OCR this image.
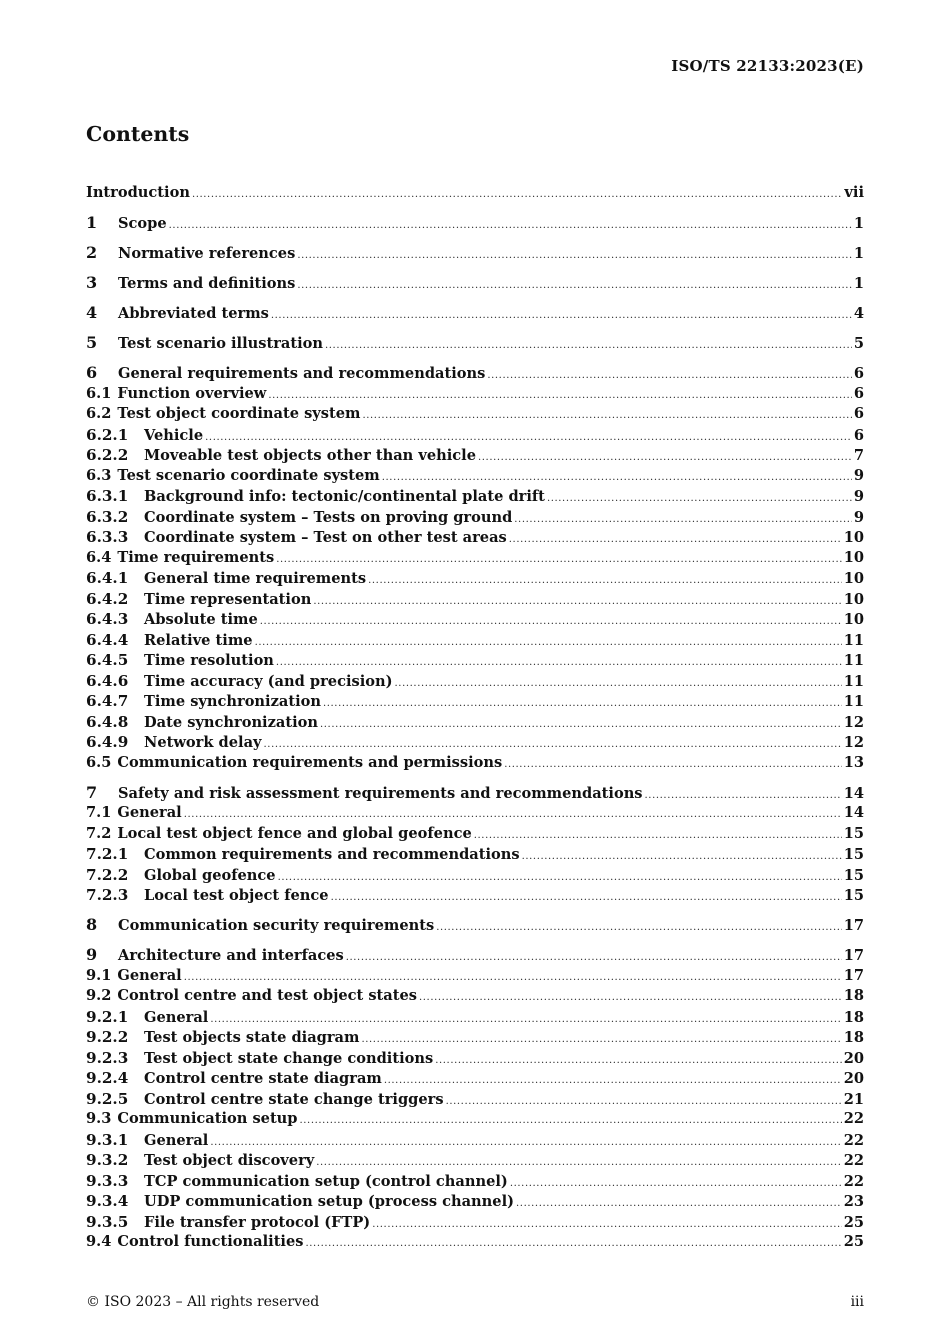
ISO/TS 22133:2023(E)
Contents
Introduction .....	vii
1	Scope .....	1
2	Normative references .....	1
3	Terms and definitions .....	1
4	Abbreviated terms .....	4
5	Test scenario illustration .....	5
6	General requirements and recommendations .....	6
6.1 Function overview .....	6
6.2 Test object coordinate system .....	6
6.2.1	Vehicle .....	6
6.2.2	Moveable test objects other than vehicle .....	7
6.3 Test scenario coordinate system .....	9
6.3.1	Background info: tectonic/continental plate drift .....	9
6.3.2	Coordinate system – Tests on proving ground .....	9
6.3.3	Coordinate system – Test on other test areas .....	10
6.4 Time requirements .....	10
6.4.1	General time requirements .....	10
6.4.2	Time representation .....	10
6.4.3	Absolute time .....	10
6.4.4	Relative time .....	11
6.4.5	Time resolution .....	11
6.4.6	Time accuracy (and precision) .....	11
6.4.7	Time synchronization .....	11
6.4.8	Date synchronization .....	12
6.4.9	Network delay .....	12
6.5 Communication requirements and permissions .....	13
7	Safety and risk assessment requirements and recommendations .....	14
7.1 General .....	14
7.2 Local test object fence and global geofence .....	15
7.2.1	Common requirements and recommendations .....	15
7.2.2	Global geofence .....	15
7.2.3	Local test object fence .....	15
8	Communication security requirements .....	17
9	Architecture and interfaces .....	17
9.1 General .....	17
9.2 Control centre and test object states .....	18
9.2.1	General .....	18
9.2.2	Test objects state diagram .....	18
9.2.3	Test object state change conditions .....	20
9.2.4	Control centre state diagram .....	20
9.2.5	Control centre state change triggers .....	21
9.3 Communication setup .....	22
9.3.1	General .....	22
9.3.2	Test object discovery .....	22
9.3.3	TCP communication setup (control channel) .....	22
9.3.4	UDP communication setup (process channel) .....	23
9.3.5	File transfer protocol (FTP) .....	25
9.4 Control functionalities .....	25
© ISO 2023 – All rights reserved	iii
